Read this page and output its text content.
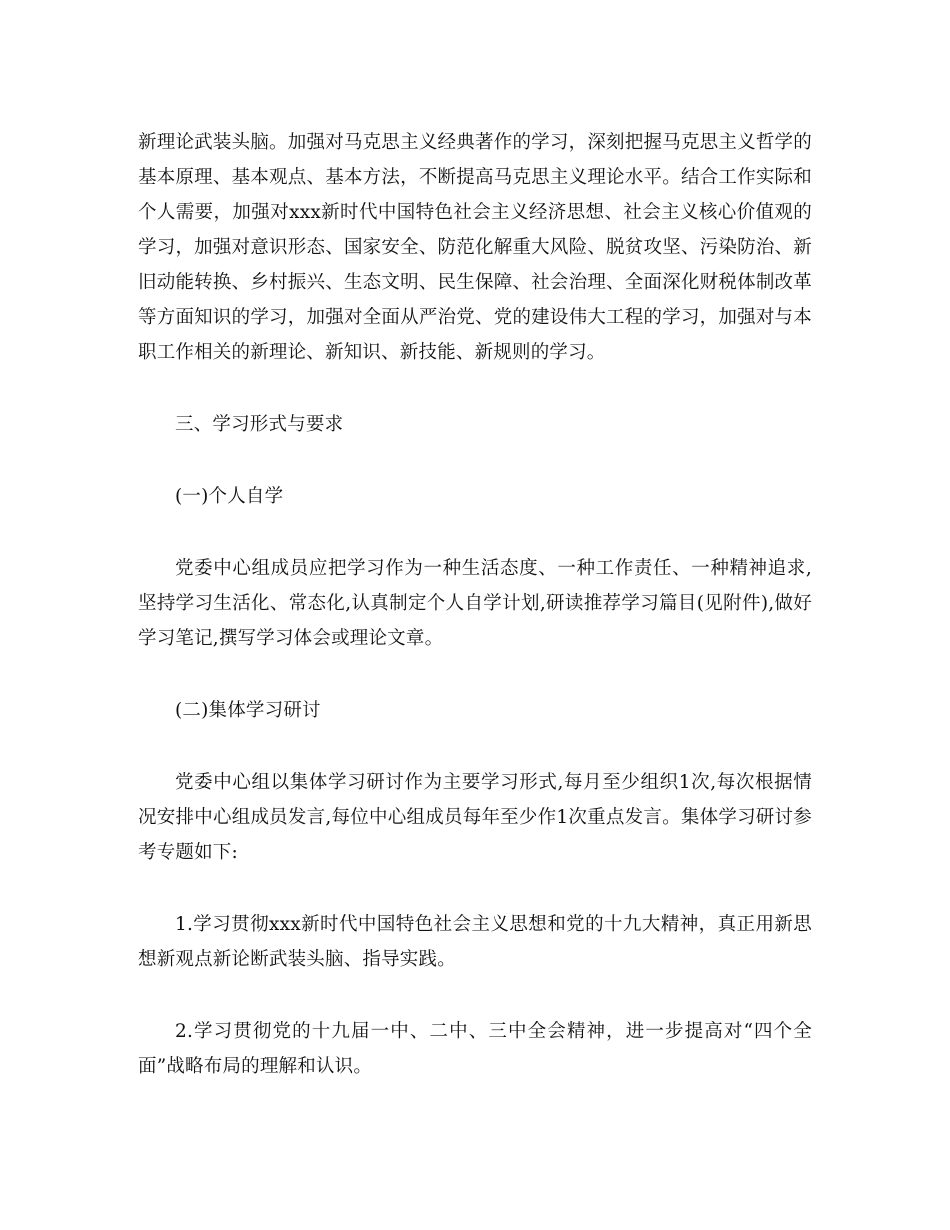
新理论武装头脑。加强对马克思主义经典著作的学习，深刻把握马克思主义哲学的基本原理、基本观点、基本方法，不断提高马克思主义理论水平。结合工作实际和个人需要，加强对xxx新时代中国特色社会主义经济思想、社会主义核心价值观的学习，加强对意识形态、国家安全、防范化解重大风险、脱贫攻坚、污染防治、新旧动能转换、乡村振兴、生态文明、民生保障、社会治理、全面深化财税体制改革等方面知识的学习，加强对全面从严治党、党的建设伟大工程的学习，加强对与本职工作相关的新理论、新知识、新技能、新规则的学习。

三、学习形式与要求

(一)个人自学

党委中心组成员应把学习作为一种生活态度、一种工作责任、一种精神追求,坚持学习生活化、常态化,认真制定个人自学计划,研读推荐学习篇目(见附件),做好学习笔记,撰写学习体会或理论文章。

(二)集体学习研讨

党委中心组以集体学习研讨作为主要学习形式,每月至少组织1次,每次根据情况安排中心组成员发言,每位中心组成员每年至少作1次重点发言。集体学习研讨参考专题如下:

1.学习贯彻xxx新时代中国特色社会主义思想和党的十九大精神，真正用新思想新观点新论断武装头脑、指导实践。

2.学习贯彻党的十九届一中、二中、三中全会精神，进一步提高对“四个全面”战略布局的理解和认识。
